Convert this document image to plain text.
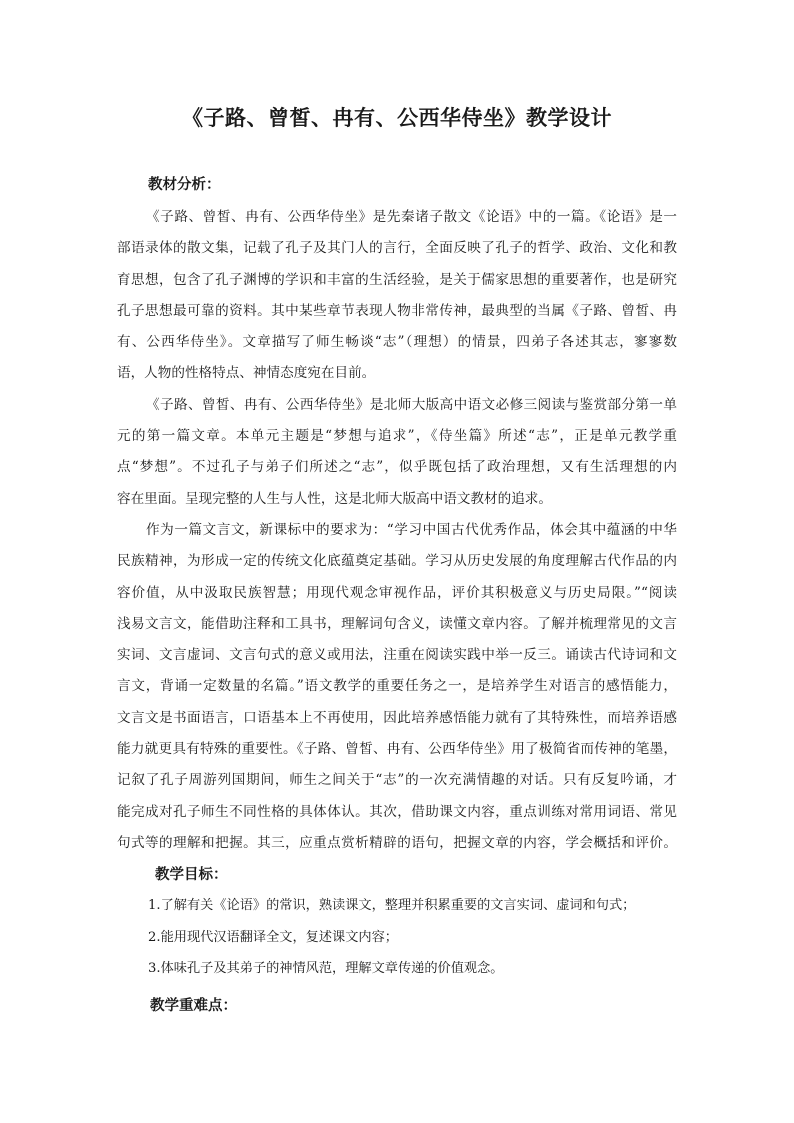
《子路、曾皙、冉有、公西华侍坐》教学设计
教材分析：
《子路、曾皙、冉有、公西华侍坐》是先秦诸子散文《论语》中的一篇。《论语》是一
部语录体的散文集，记载了孔子及其门人的言行，全面反映了孔子的哲学、政治、文化和教
育思想，包含了孔子渊博的学识和丰富的生活经验，是关于儒家思想的重要著作，也是研究
孔子思想最可靠的资料。其中某些章节表现人物非常传神，最典型的当属《子路、曾皙、冉
有、公西华侍坐》。文章描写了师生畅谈“志”（理想）的情景，四弟子各述其志，寥寥数
语，人物的性格特点、神情态度宛在目前。
《子路、曾皙、冉有、公西华侍坐》是北师大版高中语文必修三阅读与鉴赏部分第一单
元的第一篇文章。本单元主题是“梦想与追求”，《侍坐篇》所述“志”，正是单元教学重
点“梦想”。不过孔子与弟子们所述之“志”，似乎既包括了政治理想，又有生活理想的内
容在里面。呈现完整的人生与人性，这是北师大版高中语文教材的追求。
作为一篇文言文，新课标中的要求为：“学习中国古代优秀作品，体会其中蕴涵的中华
民族精神，为形成一定的传统文化底蕴奠定基础。学习从历史发展的角度理解古代作品的内
容价值，从中汲取民族智慧；用现代观念审视作品，评价其积极意义与历史局限。”“阅读
浅易文言文，能借助注释和工具书，理解词句含义，读懂文章内容。了解并梳理常见的文言
实词、文言虚词、文言句式的意义或用法，注重在阅读实践中举一反三。诵读古代诗词和文
言文，背诵一定数量的名篇。”语文教学的重要任务之一，是培养学生对语言的感悟能力，
文言文是书面语言，口语基本上不再使用，因此培养感悟能力就有了其特殊性，而培养语感
能力就更具有特殊的重要性。《子路、曾皙、冉有、公西华侍坐》用了极简省而传神的笔墨，
记叙了孔子周游列国期间，师生之间关于“志”的一次充满情趣的对话。只有反复吟诵，才
能完成对孔子师生不同性格的具体体认。其次，借助课文内容，重点训练对常用词语、常见
句式等的理解和把握。其三，应重点赏析精辟的语句，把握文章的内容，学会概括和评价。
教学目标：
1.了解有关《论语》的常识，熟读课文，整理并积累重要的文言实词、虚词和句式；
2.能用现代汉语翻译全文，复述课文内容；
3.体味孔子及其弟子的神情风范，理解文章传递的价值观念。
教学重难点：
